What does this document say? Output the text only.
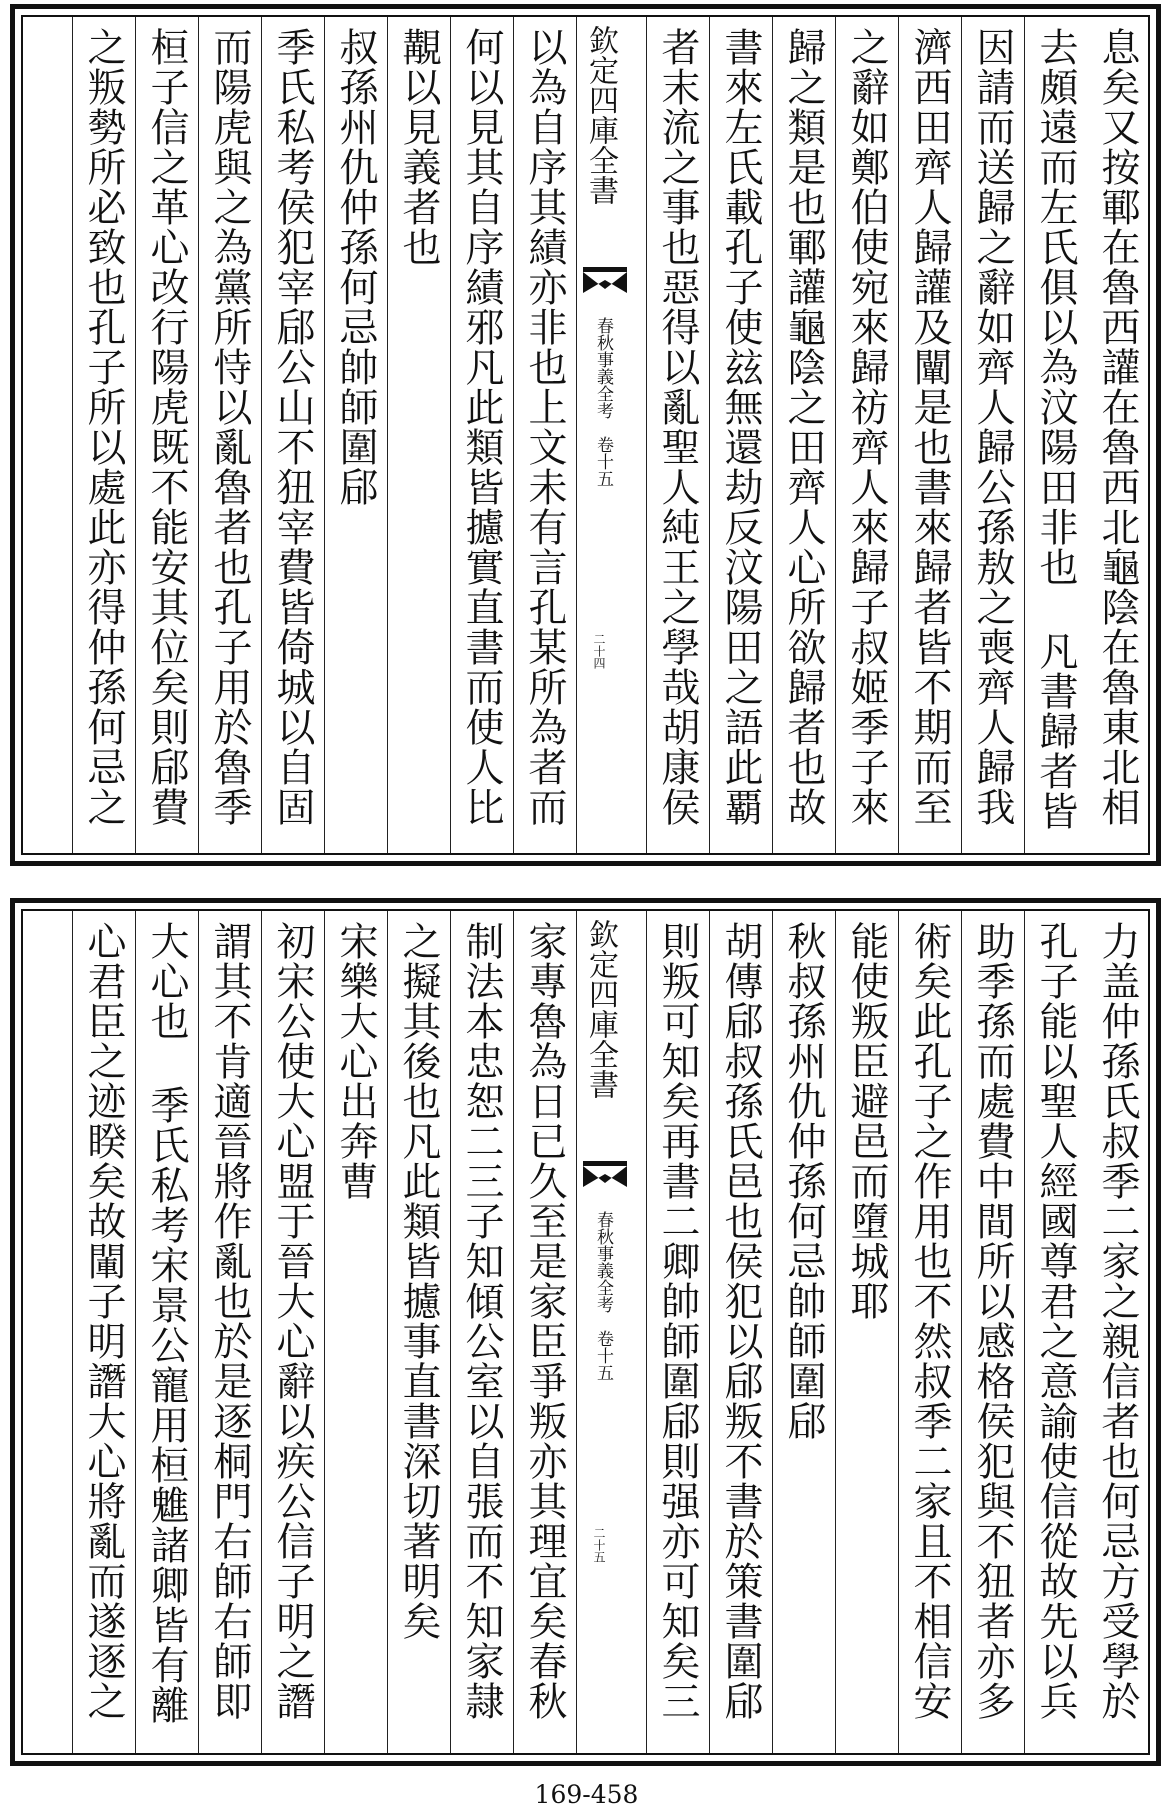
息矣又按鄆在魯西讙在魯西北龜陰在魯東北相
去頗遠而左氏俱以為汶陽田非也凡書歸者皆
因請而送歸之辭如齊人歸公孫敖之喪齊人歸我
濟西田齊人歸讙及闡是也書來歸者皆不期而至
之辭如鄭伯使宛來歸祊齊人來歸子叔姬季子來
歸之類是也鄆讙龜陰之田齊人心所欲歸者也故
書來左氏載孔子使玆無還劫反汶陽田之語此覇
者末流之事也惡得以亂聖人純王之學哉胡康侯
欽定四庫全書
春秋事義全考　卷十五
二十四
以為自序其績亦非也上文未有言孔某所為者而
何以見其自序績邪凡此類皆攄實直書而使人比
覯以見義者也
叔孫州仇仲孫何忌帥師圍郈
季氏私考侯犯宰郈公山不狃宰費皆倚城以自固
而陽虎與之為黨所恃以亂魯者也孔子用於魯季
桓子信之革心改行陽虎既不能安其位矣則郈費
之叛勢所必致也孔子所以處此亦得仲孫何忌之
力盖仲孫氏叔季二家之親信者也何忌方受學於
孔子能以聖人經國尊君之意諭使信從故先以兵
助季孫而處費中間所以感格侯犯與不狃者亦多
術矣此孔子之作用也不然叔季二家且不相信安
能使叛臣避邑而墮城耶
秋叔孫州仇仲孫何忌帥師圍郈
胡傳郈叔孫氏邑也侯犯以郈叛不書於策書圍郈
則叛可知矣再書二卿帥師圍郈則强亦可知矣三
欽定四庫全書
春秋事義全考　卷十五
二十五
家專魯為日已久至是家臣爭叛亦其理宜矣春秋
制法本忠恕二三子知傾公室以自張而不知家隷
之擬其後也凡此類皆攄事直書深切著明矣
宋樂大心出奔曹
初宋公使大心盟于晉大心辭以疾公信子明之譖
謂其不肯適晉將作亂也於是逐桐門右師右師即
大心也季氏私考宋景公寵用桓魋諸卿皆有離
心君臣之迹睽矣故閳子明譖大心將亂而遂逐之
169-458
